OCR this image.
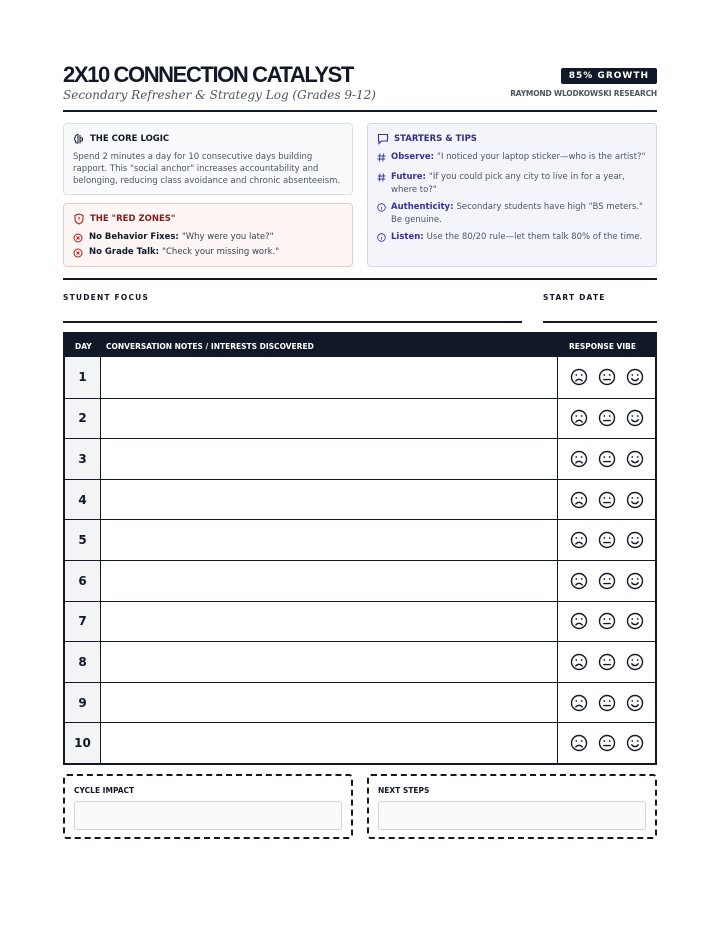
2X10 CONNECTION CATALYST
Secondary Refresher & Strategy Log (Grades 9-12)
85% GROWTH
RAYMOND WLODKOWSKI RESEARCH
THE CORE LOGIC
Spend 2 minutes a day for 10 consecutive days building rapport. This "social anchor" increases accountability and belonging, reducing class avoidance and chronic absenteeism.
THE "RED ZONES"
No Behavior Fixes: "Why were you late?"
No Grade Talk: "Check your missing work."
STARTERS & TIPS
Observe: "I noticed your laptop sticker—who is the artist?"
Future: "If you could pick any city to live in for a year, where to?"
Authenticity: Secondary students have high "BS meters." Be genuine.
Listen: Use the 80/20 rule—let them talk 80% of the time.
STUDENT FOCUS	START DATE
DAY CONVERSATION NOTES / INTERESTS DISCOVERED	RESPONSE VIBE
1
2
3
4
5
6
7
8
9
10
CYCLE IMPACT	NEXT STEPS
